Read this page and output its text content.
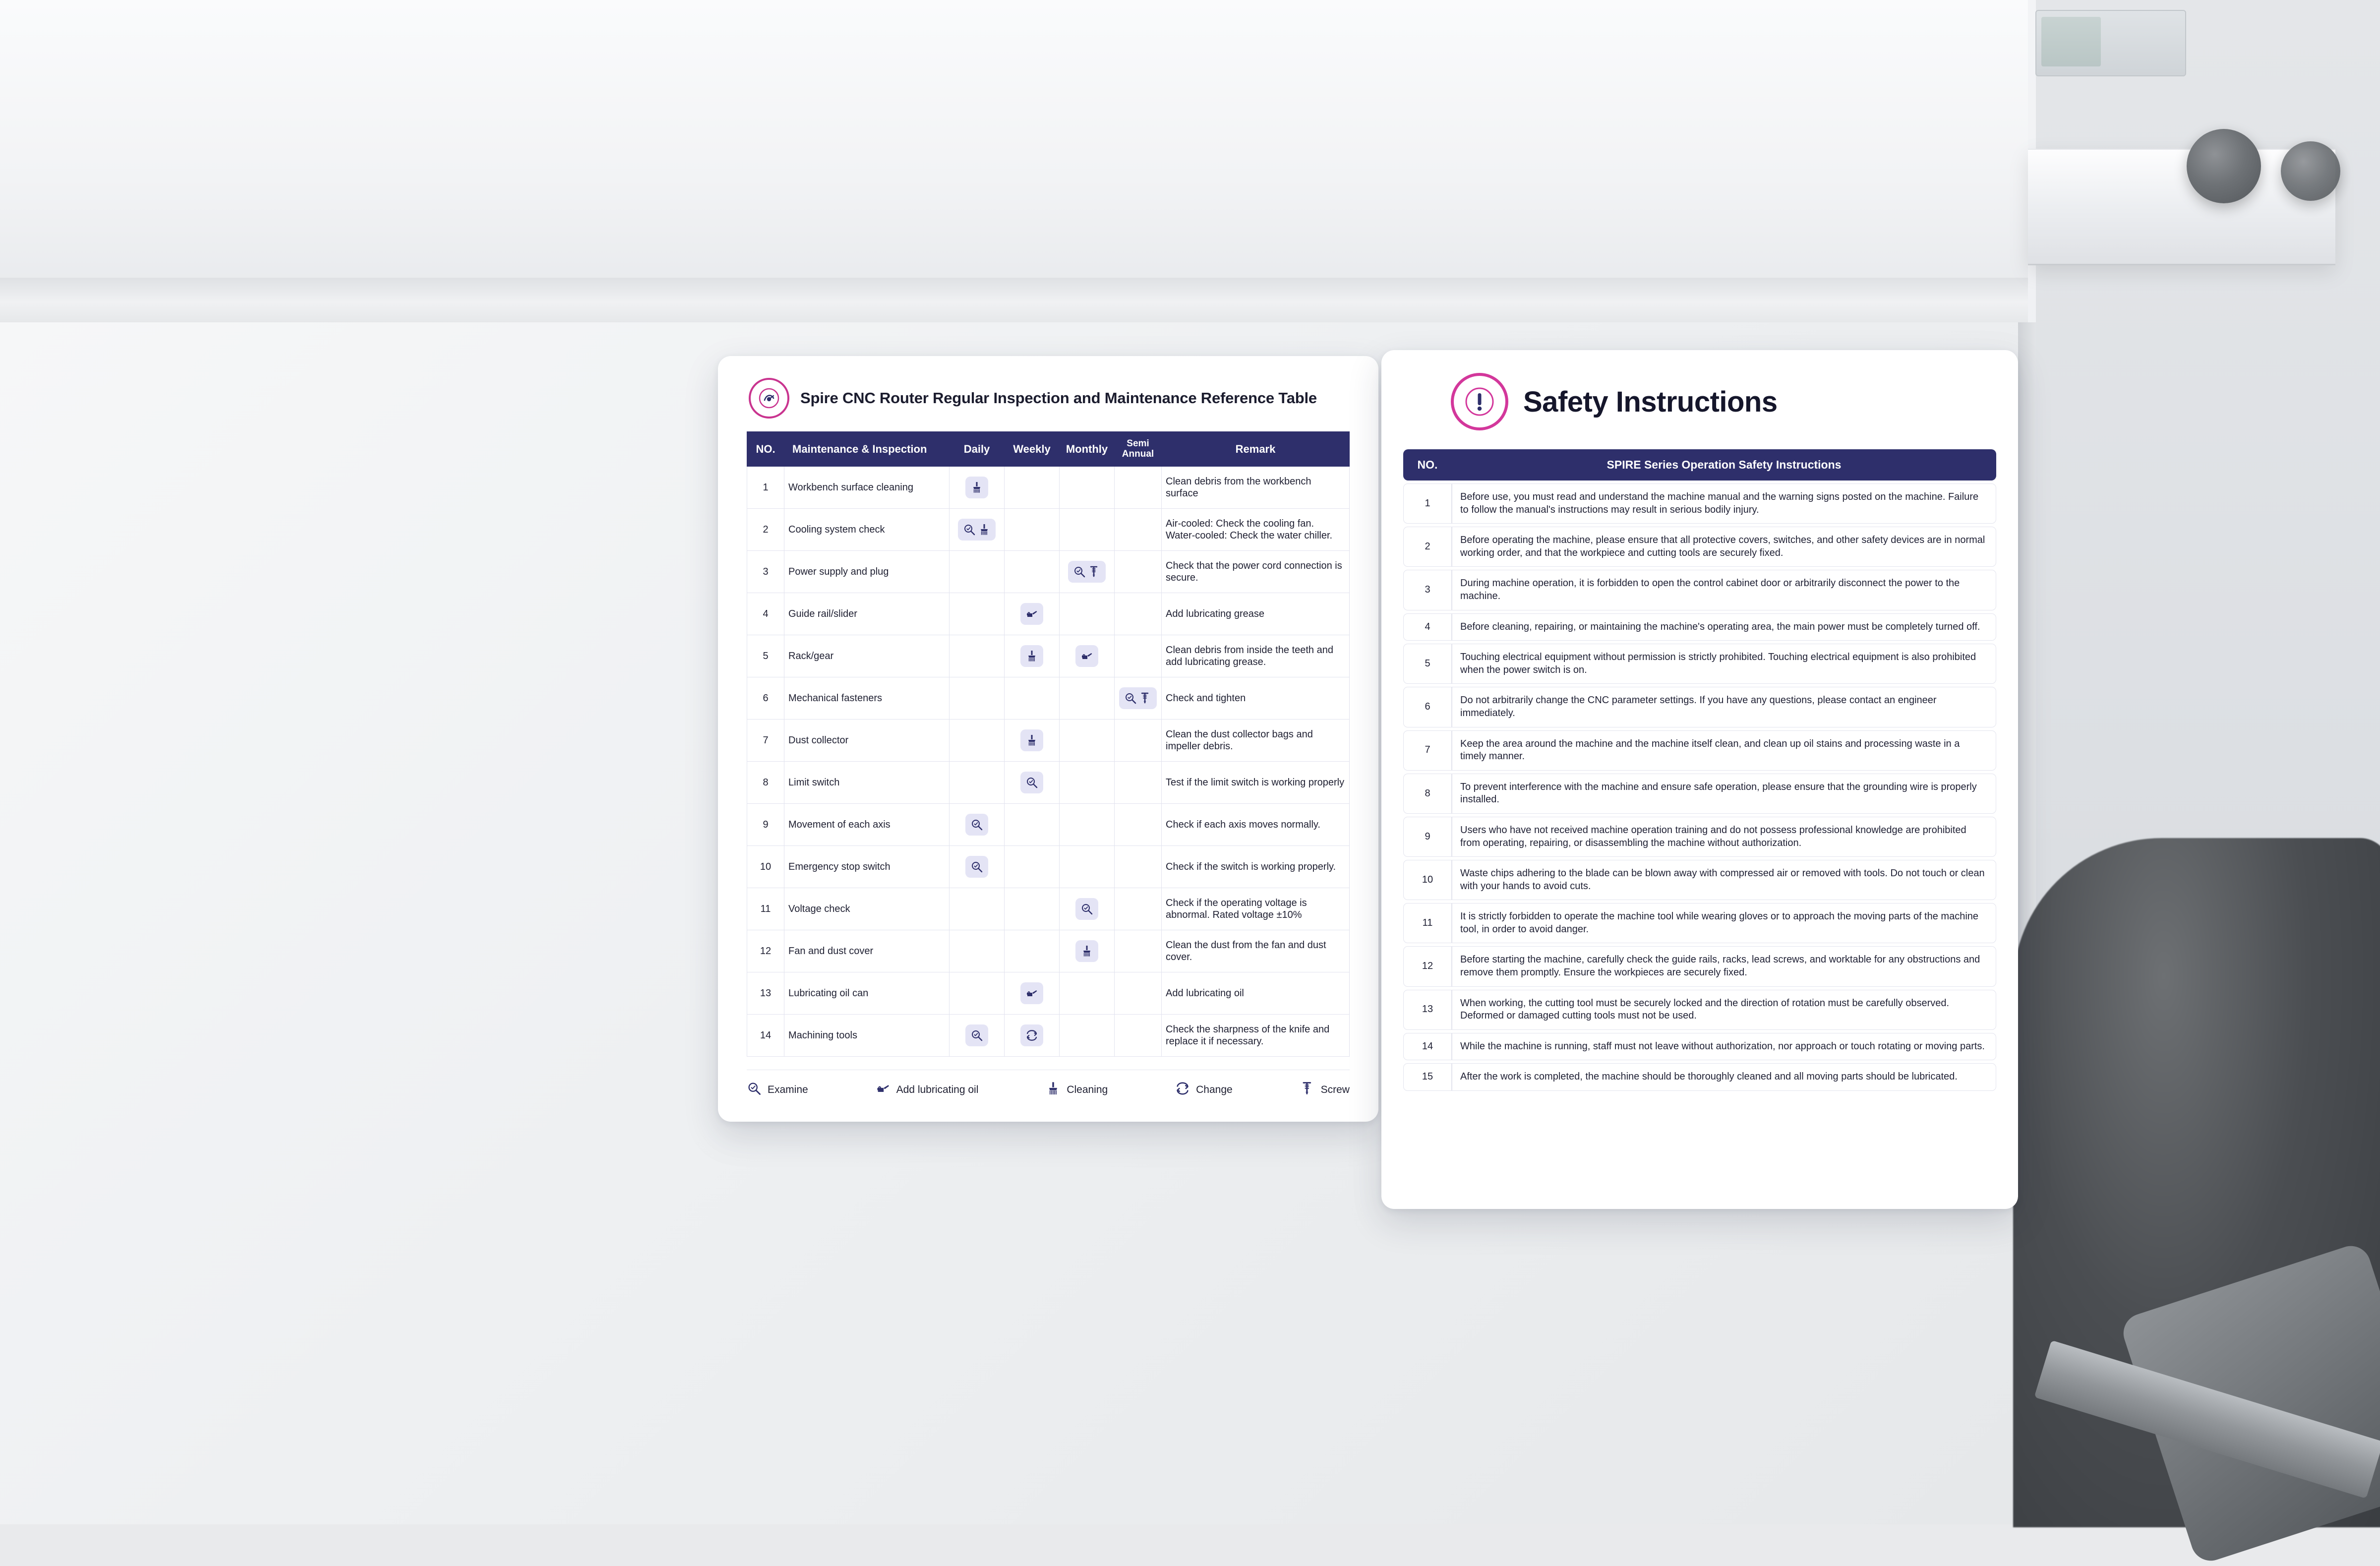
Spire CNC Router Regular Inspection and Maintenance Reference Table
NO.	Maintenance & Inspection	Daily	Weekly	Monthly	Semi Annual	Remark
1	Workbench surface cleaning					Clean debris from the workbench surface
2	Cooling system check					Air-cooled: Check the cooling fan. Water-cooled: Check the water chiller.
3	Power supply and plug					Check that the power cord connection is secure.
4	Guide rail/slider					Add lubricating grease
5	Rack/gear					Clean debris from inside the teeth and add lubricating grease.
6	Mechanical fasteners					Check and tighten
7	Dust collector					Clean the dust collector bags and impeller debris.
8	Limit switch					Test if the limit switch is working properly
9	Movement of each axis					Check if each axis moves normally.
10	Emergency stop switch					Check if the switch is working properly.
11	Voltage check					Check if the operating voltage is abnormal. Rated voltage ±10%
12	Fan and dust cover					Clean the dust from the fan and dust cover.
13	Lubricating oil can					Add lubricating oil
14	Machining tools					Check the sharpness of the knife and replace it if necessary.
Examine	Add lubricating oil	Cleaning	Change	Screw
Safety Instructions
NO.	SPIRE Series Operation Safety Instructions
1	Before use, you must read and understand the machine manual and the warning signs posted on the machine. Failure to follow the manual's instructions may result in serious bodily injury.
2	Before operating the machine, please ensure that all protective covers, switches, and other safety devices are in normal working order, and that the workpiece and cutting tools are securely fixed.
3	During machine operation, it is forbidden to open the control cabinet door or arbitrarily disconnect the power to the machine.
4	Before cleaning, repairing, or maintaining the machine's operating area, the main power must be completely turned off.
5	Touching electrical equipment without permission is strictly prohibited. Touching electrical equipment is also prohibited when the power switch is on.
6	Do not arbitrarily change the CNC parameter settings. If you have any questions, please contact an engineer immediately.
7	Keep the area around the machine and the machine itself clean, and clean up oil stains and processing waste in a timely manner.
8	To prevent interference with the machine and ensure safe operation, please ensure that the grounding wire is properly installed.
9	Users who have not received machine operation training and do not possess professional knowledge are prohibited from operating, repairing, or disassembling the machine without authorization.
10	Waste chips adhering to the blade can be blown away with compressed air or removed with tools. Do not touch or clean with your hands to avoid cuts.
11	It is strictly forbidden to operate the machine tool while wearing gloves or to approach the moving parts of the machine tool, in order to avoid danger.
12	Before starting the machine, carefully check the guide rails, racks, lead screws, and worktable for any obstructions and remove them promptly. Ensure the workpieces are securely fixed.
13	When working, the cutting tool must be securely locked and the direction of rotation must be carefully observed. Deformed or damaged cutting tools must not be used.
14	While the machine is running, staff must not leave without authorization, nor approach or touch rotating or moving parts.
15	After the work is completed, the machine should be thoroughly cleaned and all moving parts should be lubricated.
